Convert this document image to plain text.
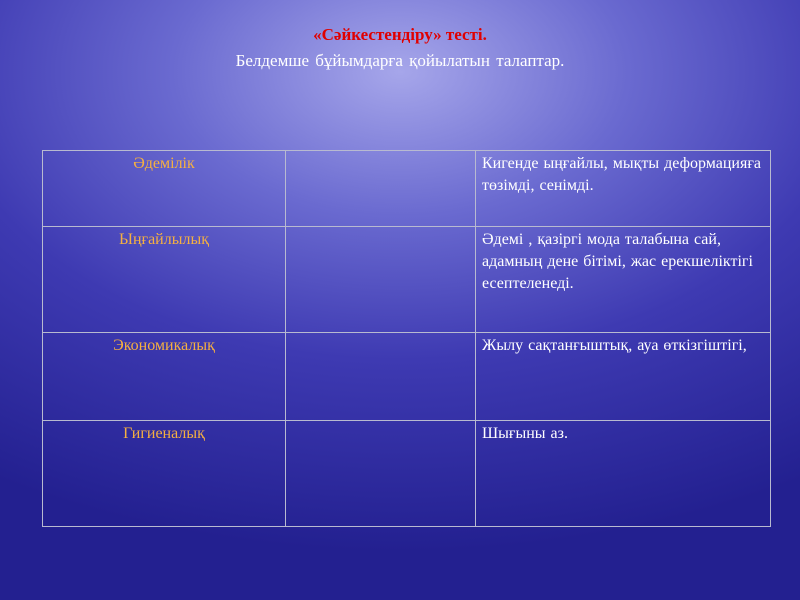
«Сәйкестендіру» тесті.
Белдемше бұйымдарға қойылатын талаптар.
Әдемілік		Кигенде ыңғайлы, мықты деформацияға төзімді, сенімді.
Ыңғайлылық		Әдемі , қазіргі мода талабына сай, адамның дене бітімі, жас ерекшеліктігі есептеленеді.
Экономикалық		Жылу сақтанғыштық, ауа өткізгіштігі,
Гигиеналық		Шығыны аз.
